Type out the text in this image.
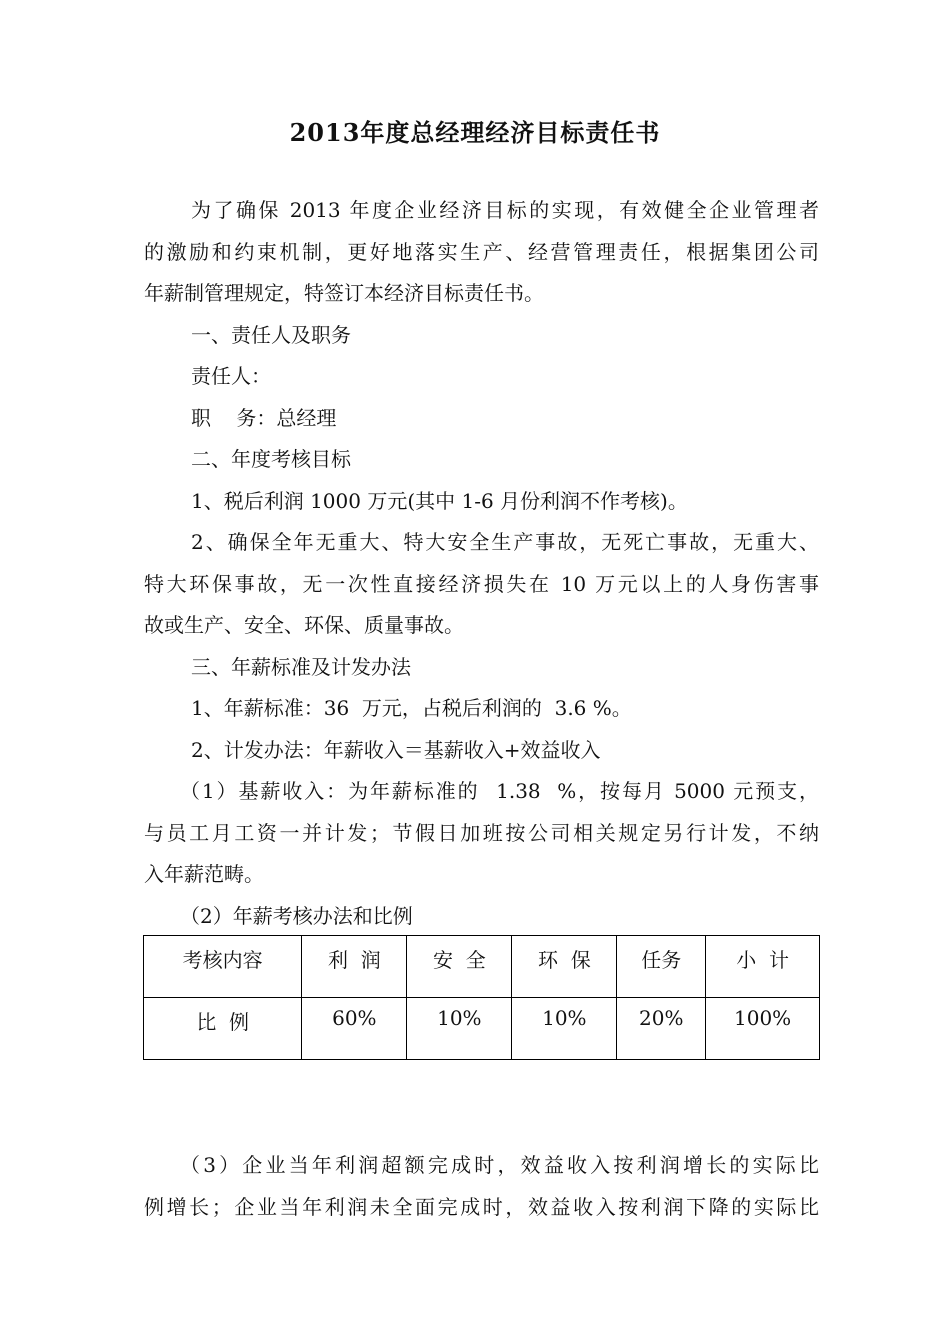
2013年度总经理经济目标责任书
为了确保 2013 年度企业经济目标的实现，有效健全企业管理者
的激励和约束机制，更好地落实生产、经营管理责任，根据集团公司
年薪制管理规定，特签订本经济目标责任书。
一、责任人及职务
责任人：
职    务：总经理
二、年度考核目标
1、税后利润 1000 万元(其中 1-6 月份利润不作考核)。
2、确保全年无重大、特大安全生产事故，无死亡事故，无重大、
特大环保事故，无一次性直接经济损失在 10 万元以上的人身伤害事
故或生产、安全、环保、质量事故。
三、年薪标准及计发办法
1、年薪标准：36  万元，占税后利润的  3.6 %。
2、计发办法：年薪收入＝基薪收入+效益收入
（1）基薪收入：为年薪标准的  1.38  %，按每月 5000 元预支，
与员工月工资一并计发；节假日加班按公司相关规定另行计发，不纳
入年薪范畴。
（2）年薪考核办法和比例
考核内容	利  润	安  全	环  保	任务	小  计

比  例	60%	10%	10%	20%	100%
（3）企业当年利润超额完成时，效益收入按利润增长的实际比
例增长；企业当年利润未全面完成时，效益收入按利润下降的实际比
